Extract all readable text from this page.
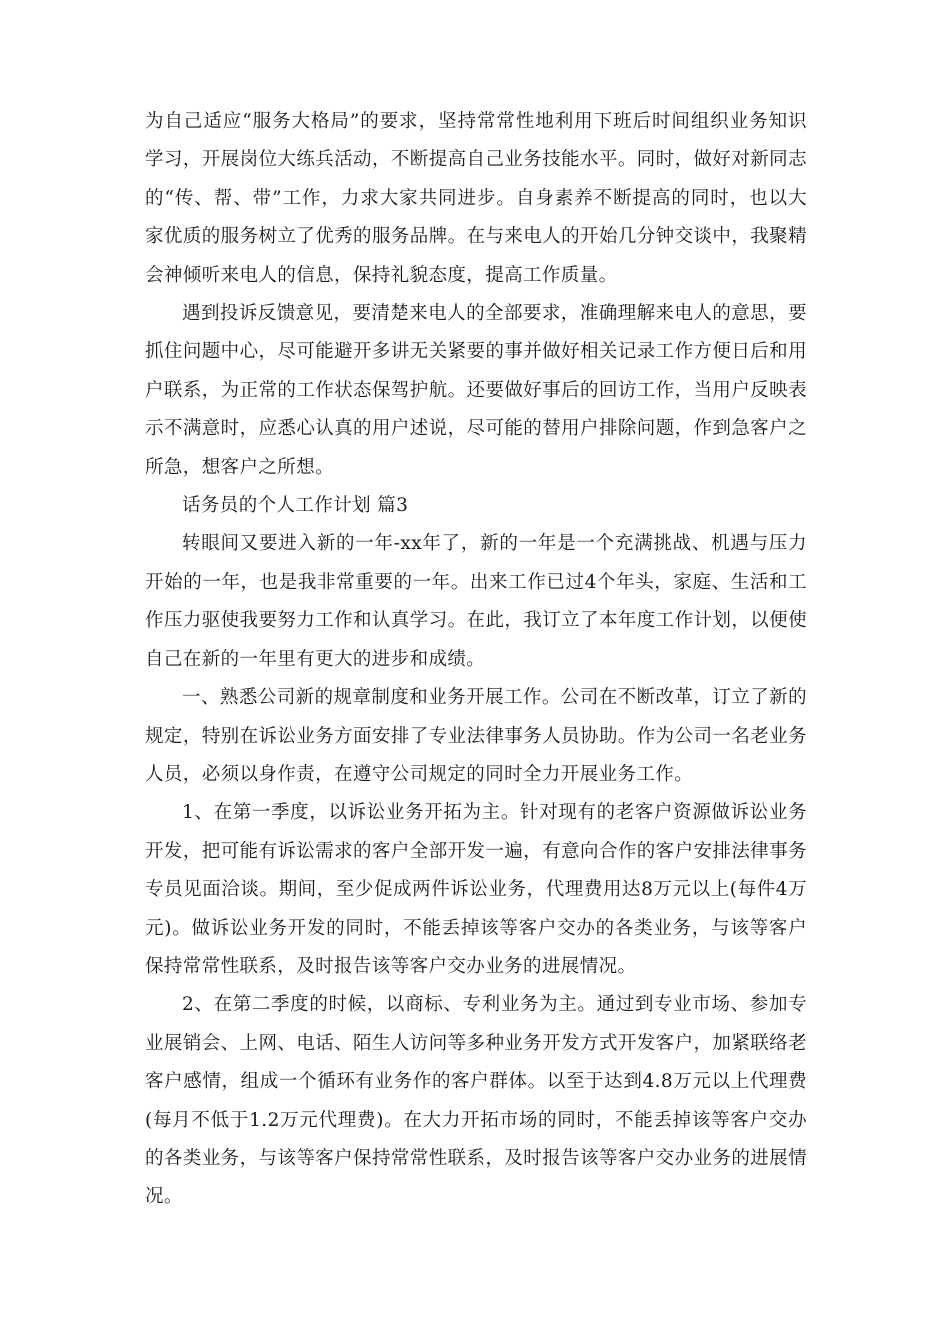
为自己适应“服务大格局”的要求，坚持常常性地利用下班后时间组织业务知识学习，开展岗位大练兵活动，不断提高自己业务技能水平。同时，做好对新同志的“传、帮、带”工作，力求大家共同进步。自身素养不断提高的同时，也以大家优质的服务树立了优秀的服务品牌。在与来电人的开始几分钟交谈中，我聚精会神倾听来电人的信息，保持礼貌态度，提高工作质量。

遇到投诉反馈意见，要清楚来电人的全部要求，准确理解来电人的意思，要抓住问题中心，尽可能避开多讲无关紧要的事并做好相关记录工作方便日后和用户联系，为正常的工作状态保驾护航。还要做好事后的回访工作，当用户反映表示不满意时，应悉心认真的用户述说，尽可能的替用户排除问题，作到急客户之所急，想客户之所想。

话务员的个人工作计划 篇3

转眼间又要进入新的一年-xx年了，新的一年是一个充满挑战、机遇与压力开始的一年，也是我非常重要的一年。出来工作已过4个年头，家庭、生活和工作压力驱使我要努力工作和认真学习。在此，我订立了本年度工作计划，以便使自己在新的一年里有更大的进步和成绩。

一、熟悉公司新的规章制度和业务开展工作。公司在不断改革，订立了新的规定，特别在诉讼业务方面安排了专业法律事务人员协助。作为公司一名老业务人员，必须以身作责，在遵守公司规定的同时全力开展业务工作。

1、在第一季度，以诉讼业务开拓为主。针对现有的老客户资源做诉讼业务开发，把可能有诉讼需求的客户全部开发一遍，有意向合作的客户安排法律事务专员见面洽谈。期间，至少促成两件诉讼业务，代理费用达8万元以上(每件4万元)。做诉讼业务开发的同时，不能丢掉该等客户交办的各类业务，与该等客户保持常常性联系，及时报告该等客户交办业务的进展情况。

2、在第二季度的时候，以商标、专利业务为主。通过到专业市场、参加专业展销会、上网、电话、陌生人访问等多种业务开发方式开发客户，加紧联络老客户感情，组成一个循环有业务作的客户群体。以至于达到4.8万元以上代理费(每月不低于1.2万元代理费)。在大力开拓市场的同时，不能丢掉该等客户交办的各类业务，与该等客户保持常常性联系，及时报告该等客户交办业务的进展情况。
